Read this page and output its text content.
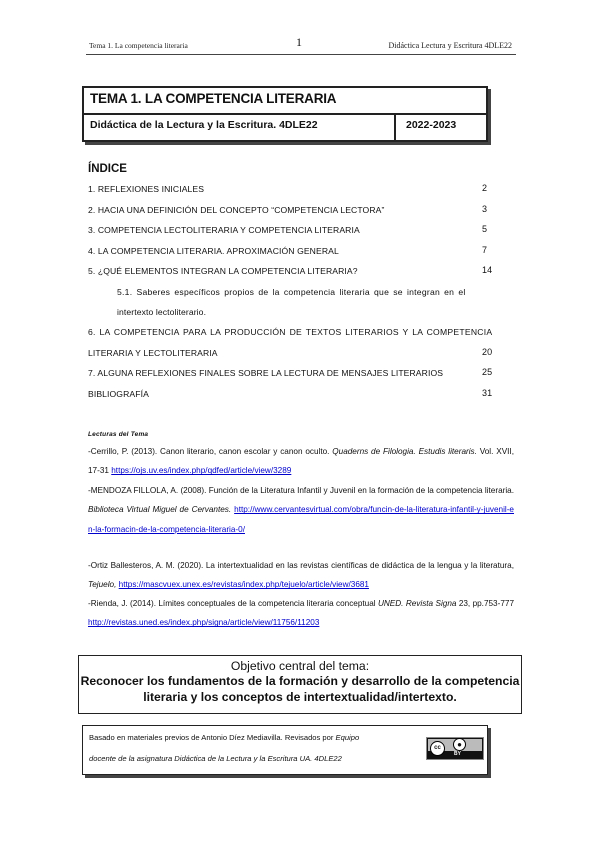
Tema 1. La competencia literaria	1	Didáctica Lectura y Escritura 4DLE22
TEMA 1. LA COMPETENCIA LITERARIA
Didáctica de la Lectura y la Escritura. 4DLE22	2022-2023
ÍNDICE
1. REFLEXIONES INICIALES	2
2. HACIA UNA DEFINICIÓN DEL CONCEPTO “COMPETENCIA LECTORA”	3
3. COMPETENCIA LECTOLITERARIA Y COMPETENCIA LITERARIA	5
4. LA COMPETENCIA LITERARIA. APROXIMACIÓN GENERAL	7
5. ¿QUÉ ELEMENTOS INTEGRAN LA COMPETENCIA LITERARIA?	14
5.1. Saberes específicos propios de la competencia literaria que se integran en el
intertexto lectoliterario.
6. LA COMPETENCIA PARA LA PRODUCCIÓN DE TEXTOS LITERARIOS Y LA COMPETENCIA
LITERARIA Y LECTOLITERARIA	20
7. ALGUNA REFLEXIONES FINALES SOBRE LA LECTURA DE MENSAJES LITERARIOS	25
BIBLIOGRAFÍA	31
Lecturas del Tema
-Cerrillo, P. (2013). Canon literario, canon escolar y canon oculto. Quaderns de Filologia. Estudis literaris. Vol. XVII, 17-31 https://ojs.uv.es/index.php/qdfed/article/view/3289
-MENDOZA FILLOLA, A. (2008). Función de la Literatura Infantil y Juvenil en la formación de la competencia literaria. Biblioteca Virtual Miguel de Cervantes. http://www.cervantesvirtual.com/obra/funcin-de-la-literatura-infantil-y-juvenil-en-la-formacin-de-la-competencia-literaria-0/
-Ortiz Ballesteros, A. M. (2020). La intertextualidad en las revistas científicas de didáctica de la lengua y la literatura, Tejuelo, https://mascvuex.unex.es/revistas/index.php/tejuelo/article/view/3681
-Rienda, J. (2014). Límites conceptuales de la competencia literaria conceptual UNED. Revista Signa 23, pp.753-777 http://revistas.uned.es/index.php/signa/article/view/11756/11203
Objetivo central del tema:
Reconocer los fundamentos de la formación y desarrollo de la competencia literaria y los conceptos de intertextualidad/intertexto.
Basado en materiales previos de Antonio Díez Mediavilla. Revisados por Equipo
docente de la asignatura Didáctica de la Lectura y la Escritura UA. 4DLE22
cc	●
BY
